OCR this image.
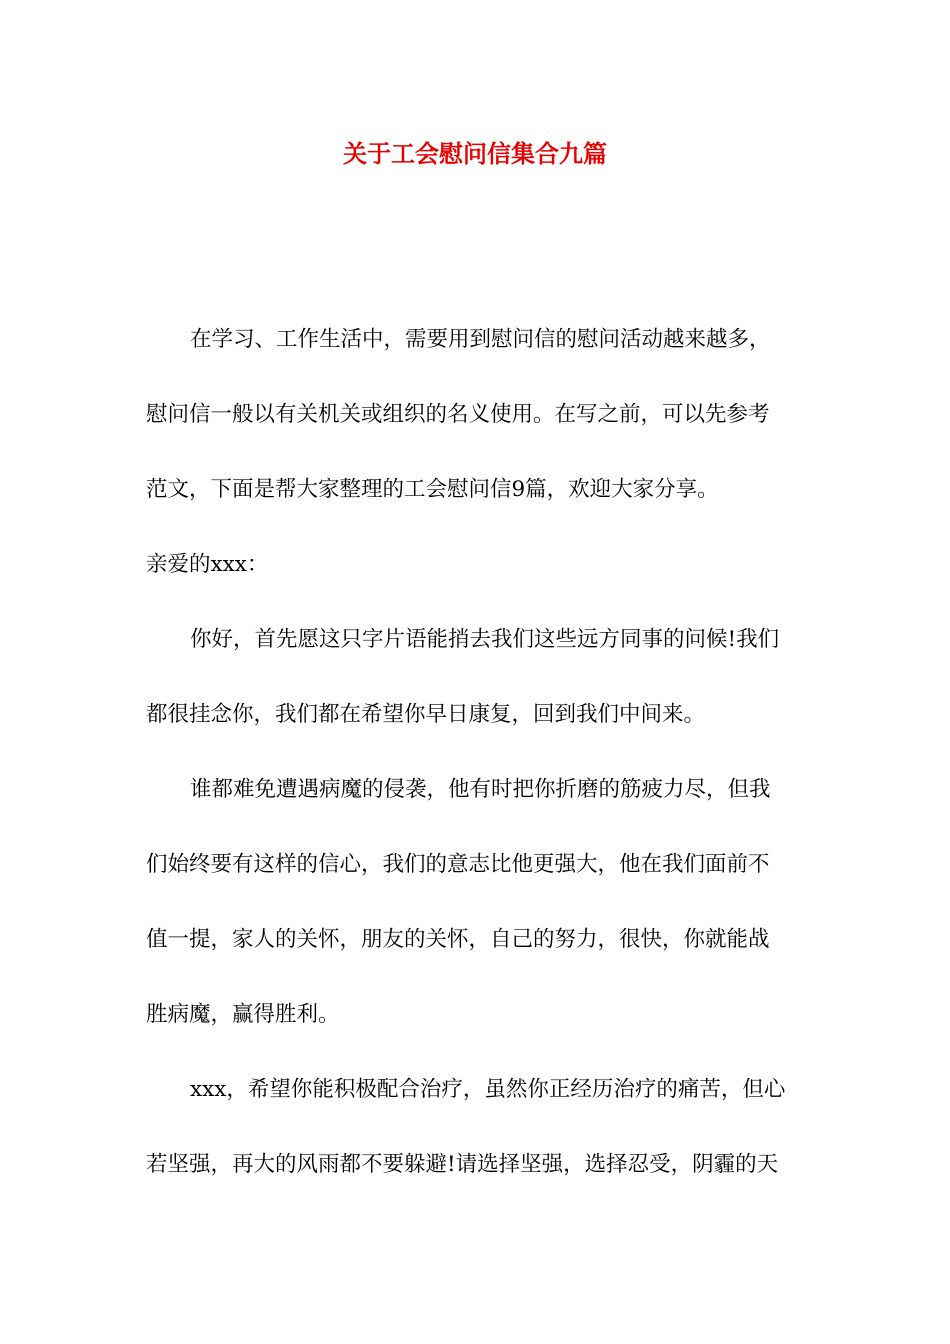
关于工会慰问信集合九篇

在学习、工作生活中，需要用到慰问信的慰问活动越来越多，

慰问信一般以有关机关或组织的名义使用。在写之前，可以先参考

范文，下面是帮大家整理的工会慰问信9篇，欢迎大家分享。

亲爱的xxx：

你好，首先愿这只字片语能捎去我们这些远方同事的问候!我们

都很挂念你，我们都在希望你早日康复，回到我们中间来。

谁都难免遭遇病魔的侵袭，他有时把你折磨的筋疲力尽，但我

们始终要有这样的信心，我们的意志比他更强大，他在我们面前不

值一提，家人的关怀，朋友的关怀，自己的努力，很快，你就能战

胜病魔，赢得胜利。

xxx，希望你能积极配合治疗，虽然你正经历治疗的痛苦，但心

若坚强，再大的风雨都不要躲避!请选择坚强，选择忍受，阴霾的天
